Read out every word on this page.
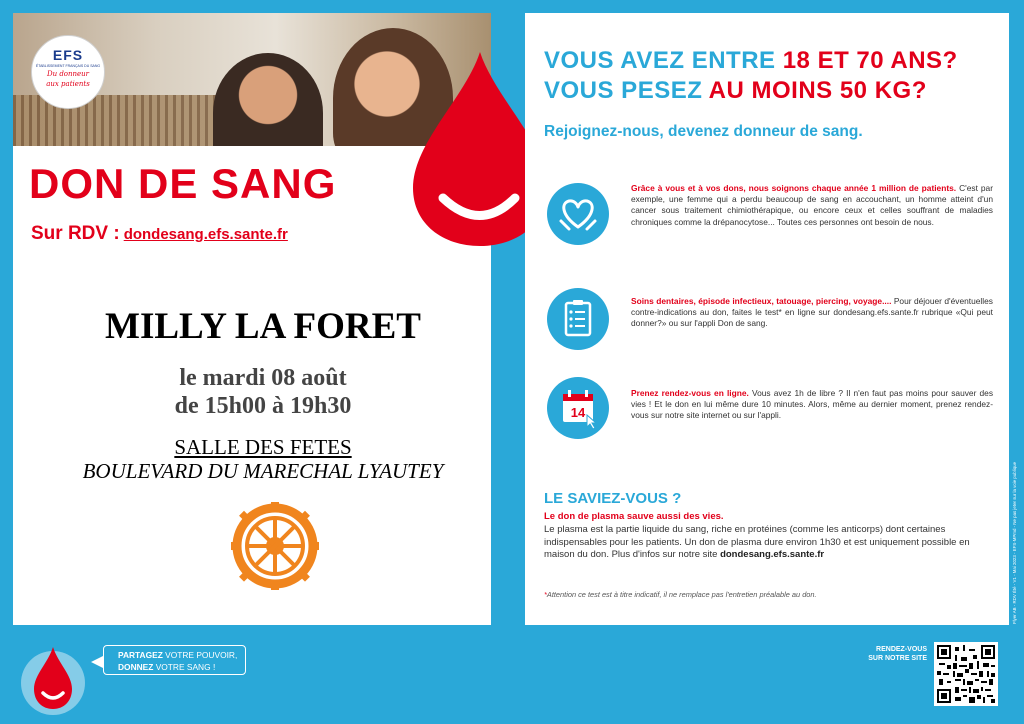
EFS
ÉTABLISSEMENT FRANÇAIS DU SANG
Du donneur
aux patients
DON DE SANG
Sur RDV : dondesang.efs.sante.fr
MILLY LA FORET
le mardi 08 août
de 15h00 à 19h30
SALLE DES FETES
BOULEVARD DU MARECHAL LYAUTEY
VOUS AVEZ ENTRE 18 ET 70 ANS?
VOUS PESEZ AU MOINS 50 KG?
Rejoignez-nous, devenez donneur de sang.
Grâce à vous et à vos dons, nous soignons chaque année 1 million de patients. C'est par exemple, une femme qui a perdu beaucoup de sang en accouchant, un homme atteint d'un cancer sous traitement chimiothérapique, ou encore ceux et celles souffrant de maladies chroniques comme la drépanocytose... Toutes ces personnes ont besoin de nous.
Soins dentaires, épisode infectieux, tatouage, piercing, voyage.... Pour déjouer d'éventuelles contre-indications au don, faites le test* en ligne sur dondesang.efs.sante.fr rubrique «Qui peut donner?» ou sur l'appli Don de sang.
14
Prenez rendez-vous en ligne. Vous avez 1h de libre ? Il n'en faut pas moins pour sauver des vies ! Et le don en lui même dure 10 minutes. Alors, même au dernier moment, prenez rendez-vous sur notre site internet ou sur l'appli.
LE SAVIEZ-VOUS ?
Le don de plasma sauve aussi des vies.
Le plasma est la partie liquide du sang, riche en protéines (comme les anticorps) dont certaines indispensables pour les patients. Un don de plasma dure environ 1h30 et est uniquement possible en maison du don. Plus d'infos sur notre site dondesang.efs.sante.fr
*Attention ce test est à titre indicatif, il ne remplace pas l'entretien préalable au don.	Flyer AB - RDV Été - V1 - Mai 2023 - EFS-MPmd - Ne pas jeter sur la voie publique
PARTAGEZ VOTRE POUVOIR,
DONNEZ VOTRE SANG !
RENDEZ-VOUS
SUR NOTRE SITE
